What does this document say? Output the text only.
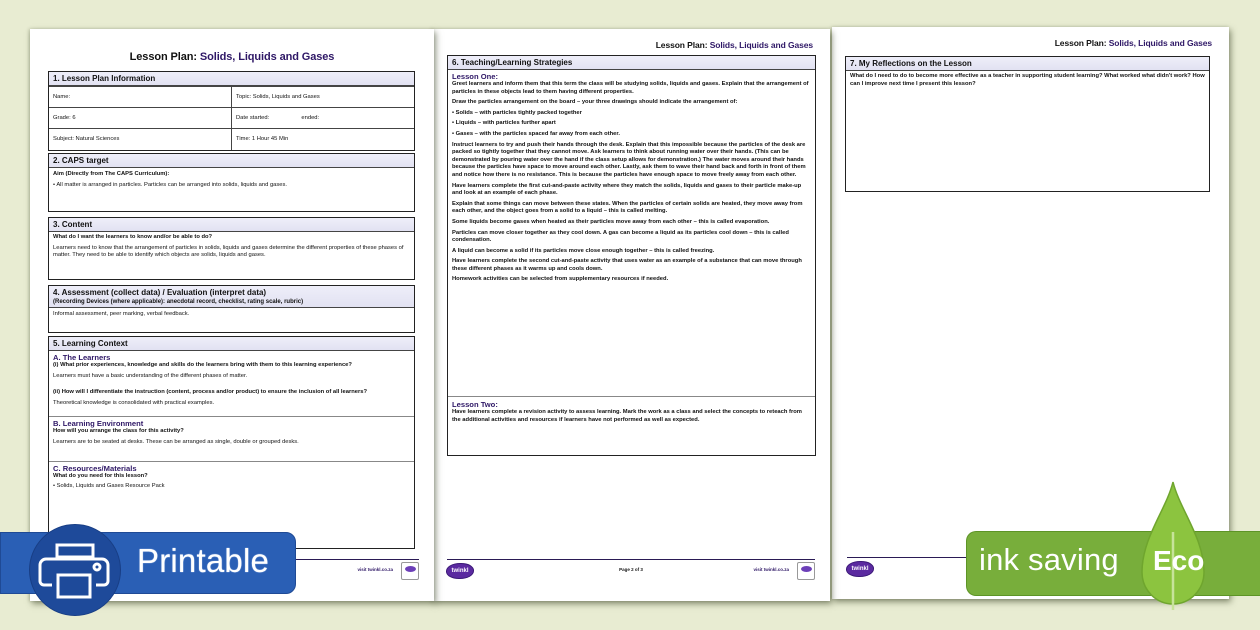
Lesson Plan: Solids, Liquids and Gases
1. Lesson Plan Information
Name:	Topic: Solids, Liquids and Gases
Grade: 6	Date started:                    ended:
Subject: Natural Sciences	Time: 1 Hour 45 Min
2. CAPS target
Aim (Directly from The CAPS Curriculum):
• All matter is arranged in particles. Particles can be arranged into solids, liquids and gases.
3. Content
What do I want the learners to know and/or be able to do?
Learners need to know that the arrangement of particles in solids, liquids and gases determine the different properties of these phases of matter. They need to be able to identify which objects are solids, liquids and gases.
4. Assessment (collect data) / Evaluation (interpret data)
(Recording Devices (where applicable): anecdotal record, checklist, rating scale, rubric)
Informal assessment, peer marking, verbal feedback.
5. Learning Context
A. The Learners
(i) What prior experiences, knowledge and skills do the learners bring with them to this learning experience?
Learners must have a basic understanding of the different phases of matter.
(ii) How will I differentiate the instruction (content, process and/or product) to ensure the inclusion of all learners?
Theoretical knowledge is consolidated with practical examples.
B. Learning Environment
How will you arrange the class for this activity?
Learners are to be seated at desks. These can be arranged as single, double or grouped desks.
C. Resources/Materials
What do you need for this lesson?
• Solids, Liquids and Gases Resource Pack
visit twinkl.co.za
Lesson Plan: Solids, Liquids and Gases
6. Teaching/Learning Strategies
Lesson One:
Greet learners and inform them that this term the class will be studying solids, liquids and gases. Explain that the arrangement of particles in these objects lead to them having different properties.
Draw the particles arrangement on the board – your three drawings should indicate the arrangement of:
• Solids – with particles tightly packed together
• Liquids – with particles further apart
• Gases – with the particles spaced far away from each other.
Instruct learners to try and push their hands through the desk. Explain that this impossible because the particles of the desk are packed so tightly together that they cannot move. Ask learners to think about running water over their hands. (This can be demonstrated by pouring water over the hand if the class setup allows for demonstration.) The water moves around their hands because the particles have space to move around each other. Lastly, ask them to wave their hand back and forth in front of them and notice how there is no resistance. This is because the particles have enough space to move freely away from each other.
Have learners complete the first cut-and-paste activity where they match the solids, liquids and gases to their particle make-up and look at an example of each phase.
Explain that some things can move between these states. When the particles of certain solids are heated, they move away from each other, and the object goes from a solid to a liquid – this is called melting.
Some liquids become gases when heated as their particles move away from each other – this is called evaporation.
Particles can move closer together as they cool down. A gas can become a liquid as its particles cool down – this is called condensation.
A liquid can become a solid if its particles move close enough together – this is called freezing.
Have learners complete the second cut-and-paste activity that uses water as an example of a substance that can move through these different phases as it warms up and cools down.
Homework activities can be selected from supplementary resources if needed.
Lesson Two:
Have learners complete a revision activity to assess learning. Mark the work as a class and select the concepts to reteach from the additional activities and resources if learners have not performed as well as expected.
twinkl	Page 2 of 3	visit twinkl.co.za
Lesson Plan: Solids, Liquids and Gases
7. My Reflections on the Lesson
What do I need to do to become more effective as a teacher in supporting student learning? What worked what didn't work? How can I improve next time I present this lesson?
twinkl
Printable	ink saving Eco
